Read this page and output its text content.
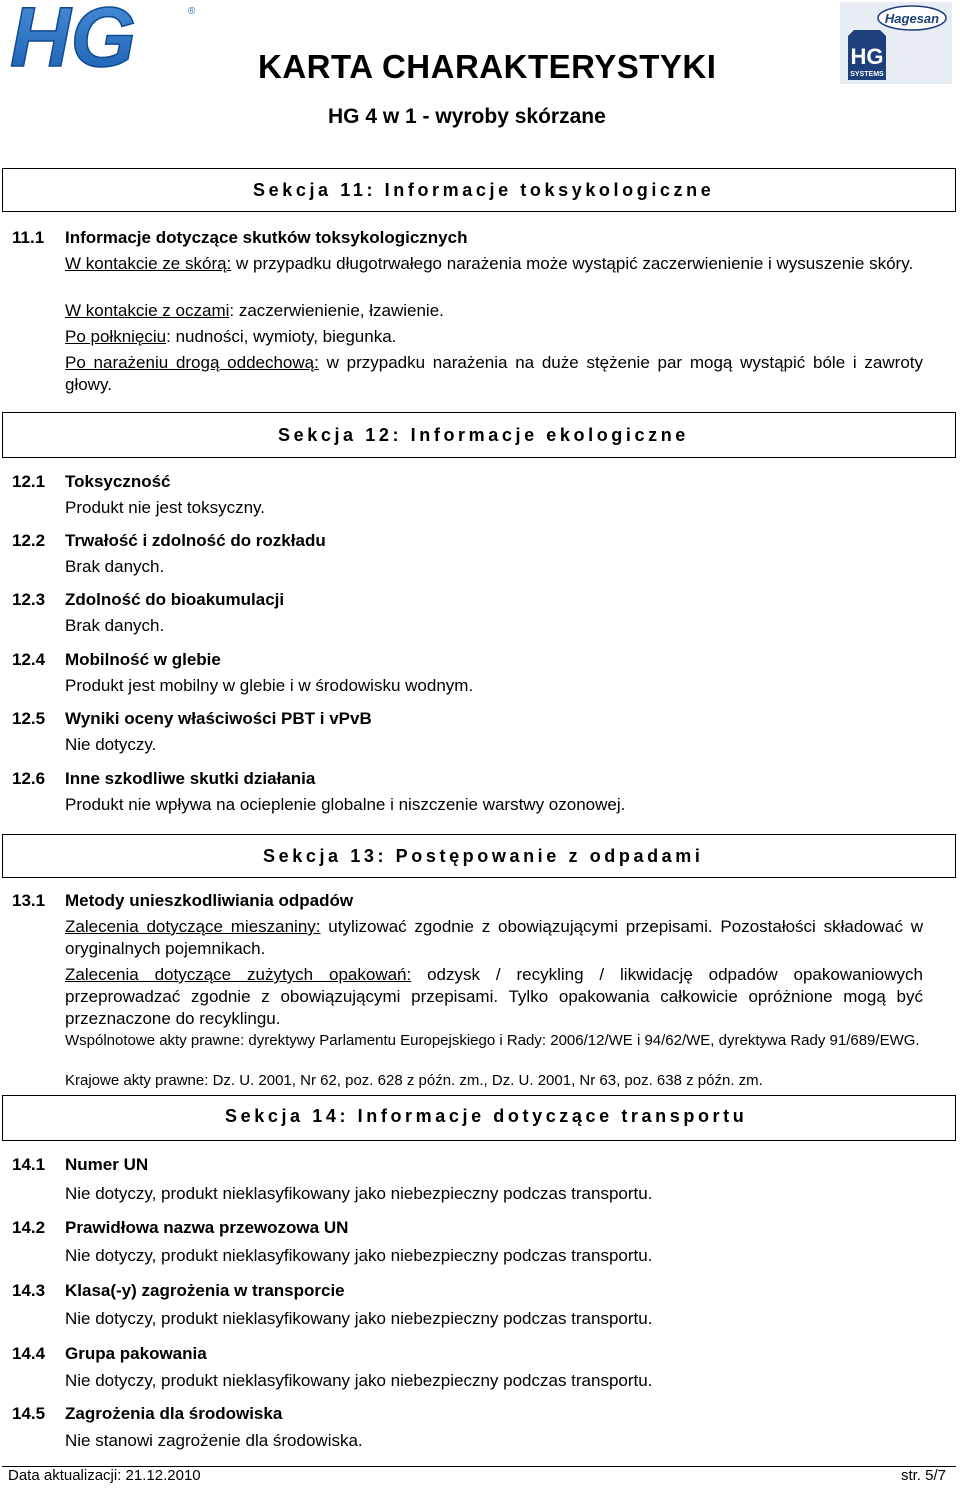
HG	®	Hagesan
HG
SYSTEMS
KARTA CHARAKTERYSTYKI
HG 4 w 1 - wyroby skórzane
Sekcja 11: Informacje toksykologiczne
11.1 Informacje dotyczące skutków toksykologicznych
W kontakcie ze skórą: w przypadku długotrwałego narażenia może wystąpić zaczerwienienie i wysuszenie skóry.
W kontakcie z oczami: zaczerwienienie, łzawienie.
Po połknięciu: nudności, wymioty, biegunka.
Po narażeniu drogą oddechową: w przypadku narażenia na duże stężenie par mogą wystąpić bóle i zawroty głowy.
Sekcja 12: Informacje ekologiczne
12.1 Toksyczność
Produkt nie jest toksyczny.
12.2 Trwałość i zdolność do rozkładu
Brak danych.
12.3 Zdolność do bioakumulacji
Brak danych.
12.4 Mobilność w glebie
Produkt jest mobilny w glebie i w środowisku wodnym.
12.5 Wyniki oceny właściwości PBT i vPvB
Nie dotyczy.
12.6 Inne szkodliwe skutki działania
Produkt nie wpływa na ocieplenie globalne i niszczenie warstwy ozonowej.
Sekcja 13: Postępowanie z odpadami
13.1 Metody unieszkodliwiania odpadów
Zalecenia dotyczące mieszaniny: utylizować zgodnie z obowiązującymi przepisami. Pozostałości składować w oryginalnych pojemnikach.
Zalecenia dotyczące zużytych opakowań: odzysk / recykling / likwidację odpadów opakowaniowych przeprowadzać zgodnie z obowiązującymi przepisami. Tylko opakowania całkowicie opróżnione mogą być przeznaczone do recyklingu.
Wspólnotowe akty prawne: dyrektywy Parlamentu Europejskiego i Rady: 2006/12/WE i 94/62/WE, dyrektywa Rady 91/689/EWG.
Krajowe akty prawne: Dz. U. 2001, Nr 62, poz. 628 z późn. zm., Dz. U. 2001, Nr 63, poz. 638 z późn. zm.
Sekcja 14: Informacje dotyczące transportu
14.1 Numer UN
Nie dotyczy, produkt nieklasyfikowany jako niebezpieczny podczas transportu.
14.2 Prawidłowa nazwa przewozowa UN
Nie dotyczy, produkt nieklasyfikowany jako niebezpieczny podczas transportu.
14.3 Klasa(-y) zagrożenia w transporcie
Nie dotyczy, produkt nieklasyfikowany jako niebezpieczny podczas transportu.
14.4 Grupa pakowania
Nie dotyczy, produkt nieklasyfikowany jako niebezpieczny podczas transportu.
14.5 Zagrożenia dla środowiska
Nie stanowi zagrożenie dla środowiska.
Data aktualizacji: 21.12.2010	str. 5/7
